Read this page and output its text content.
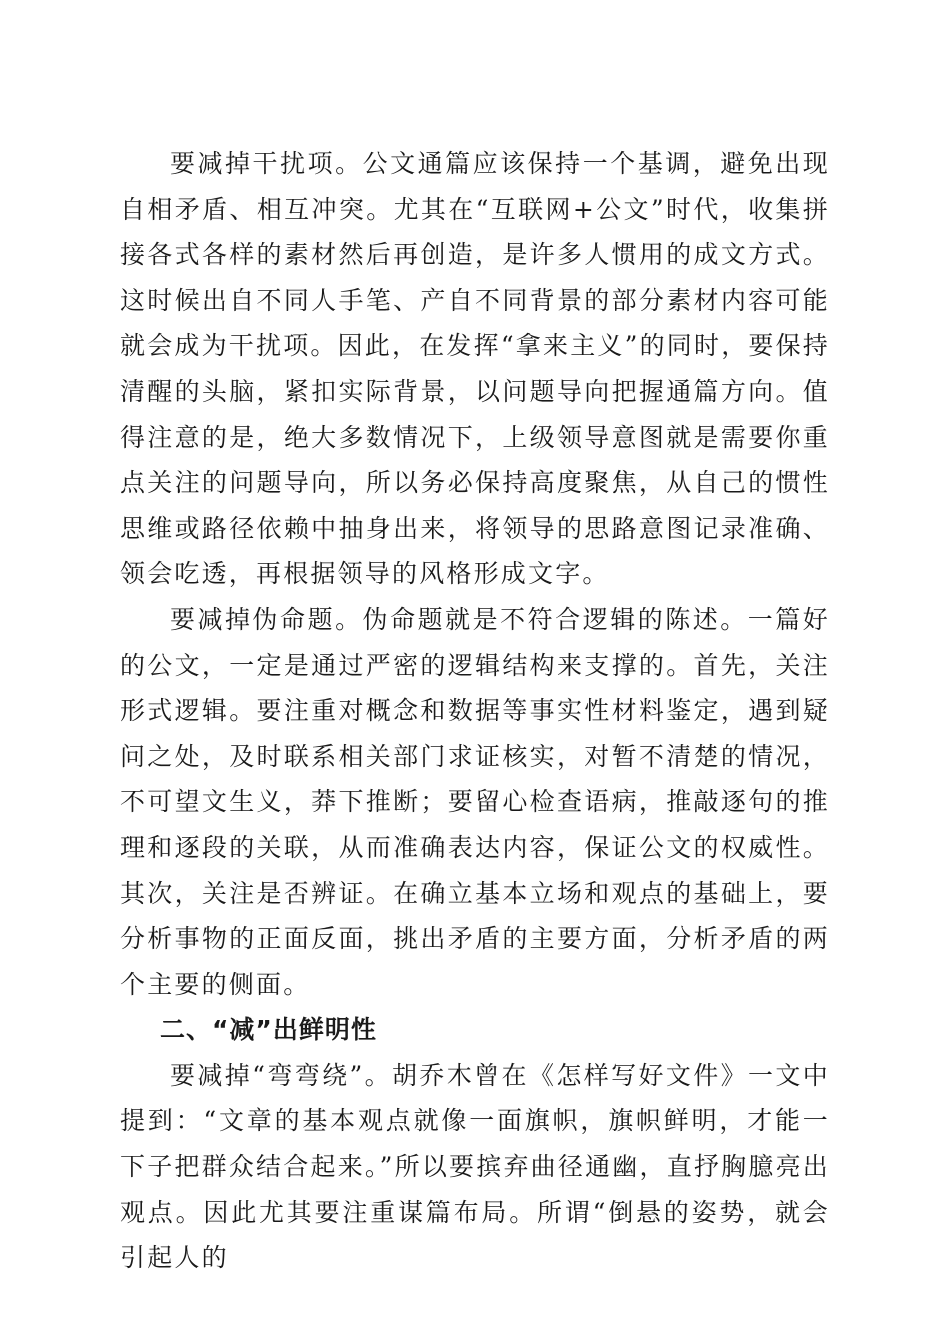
要减掉干扰项。公文通篇应该保持一个基调，避免出现自相矛盾、相互冲突。尤其在“互联网+公文”时代，收集拼接各式各样的素材然后再创造，是许多人惯用的成文方式。这时候出自不同人手笔、产自不同背景的部分素材内容可能就会成为干扰项。因此，在发挥“拿来主义”的同时，要保持清醒的头脑，紧扣实际背景，以问题导向把握通篇方向。值得注意的是，绝大多数情况下，上级领导意图就是需要你重点关注的问题导向，所以务必保持高度聚焦，从自己的惯性思维或路径依赖中抽身出来，将领导的思路意图记录准确、领会吃透，再根据领导的风格形成文字。

要减掉伪命题。伪命题就是不符合逻辑的陈述。一篇好的公文，一定是通过严密的逻辑结构来支撑的。首先，关注形式逻辑。要注重对概念和数据等事实性材料鉴定，遇到疑问之处，及时联系相关部门求证核实，对暂不清楚的情况，不可望文生义，莽下推断；要留心检查语病，推敲逐句的推理和逐段的关联，从而准确表达内容，保证公文的权威性。其次，关注是否辨证。在确立基本立场和观点的基础上，要分析事物的正面反面，挑出矛盾的主要方面，分析矛盾的两个主要的侧面。

二、“减”出鲜明性

要减掉“弯弯绕”。胡乔木曾在《怎样写好文件》一文中提到：“文章的基本观点就像一面旗帜，旗帜鲜明，才能一下子把群众结合起来。”所以要摈弃曲径通幽，直抒胸臆亮出观点。因此尤其要注重谋篇布局。所谓“倒悬的姿势，就会引起人的
